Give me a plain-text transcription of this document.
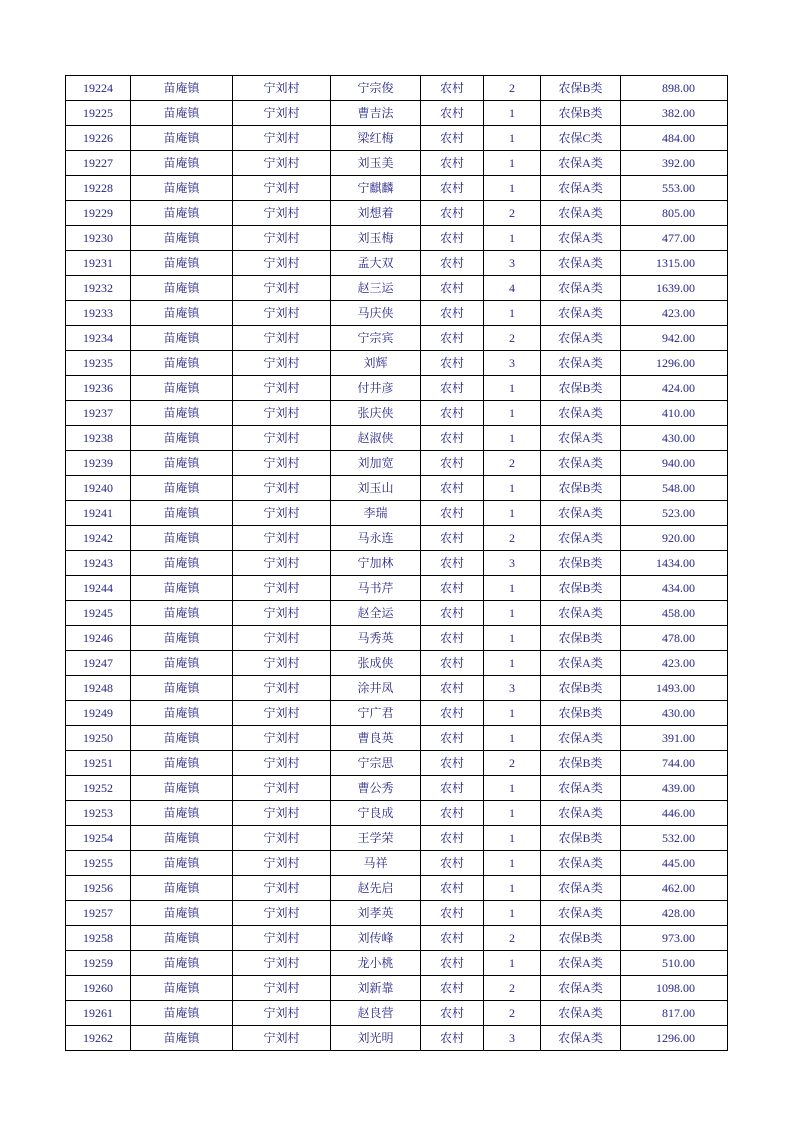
19224	苗庵镇	宁刘村	宁宗俊	农村	2	农保B类	898.00
19225	苗庵镇	宁刘村	曹吉法	农村	1	农保B类	382.00
19226	苗庵镇	宁刘村	梁红梅	农村	1	农保C类	484.00
19227	苗庵镇	宁刘村	刘玉美	农村	1	农保A类	392.00
19228	苗庵镇	宁刘村	宁麒麟	农村	1	农保A类	553.00
19229	苗庵镇	宁刘村	刘想着	农村	2	农保A类	805.00
19230	苗庵镇	宁刘村	刘玉梅	农村	1	农保A类	477.00
19231	苗庵镇	宁刘村	孟大双	农村	3	农保A类	1315.00
19232	苗庵镇	宁刘村	赵三运	农村	4	农保A类	1639.00
19233	苗庵镇	宁刘村	马庆侠	农村	1	农保A类	423.00
19234	苗庵镇	宁刘村	宁宗宾	农村	2	农保A类	942.00
19235	苗庵镇	宁刘村	刘辉	农村	3	农保A类	1296.00
19236	苗庵镇	宁刘村	付井彦	农村	1	农保B类	424.00
19237	苗庵镇	宁刘村	张庆侠	农村	1	农保A类	410.00
19238	苗庵镇	宁刘村	赵淑侠	农村	1	农保A类	430.00
19239	苗庵镇	宁刘村	刘加宽	农村	2	农保A类	940.00
19240	苗庵镇	宁刘村	刘玉山	农村	1	农保B类	548.00
19241	苗庵镇	宁刘村	李瑞	农村	1	农保A类	523.00
19242	苗庵镇	宁刘村	马永连	农村	2	农保A类	920.00
19243	苗庵镇	宁刘村	宁加林	农村	3	农保B类	1434.00
19244	苗庵镇	宁刘村	马书芹	农村	1	农保B类	434.00
19245	苗庵镇	宁刘村	赵全运	农村	1	农保A类	458.00
19246	苗庵镇	宁刘村	马秀英	农村	1	农保B类	478.00
19247	苗庵镇	宁刘村	张成侠	农村	1	农保A类	423.00
19248	苗庵镇	宁刘村	涂井凤	农村	3	农保B类	1493.00
19249	苗庵镇	宁刘村	宁广君	农村	1	农保B类	430.00
19250	苗庵镇	宁刘村	曹良英	农村	1	农保A类	391.00
19251	苗庵镇	宁刘村	宁宗思	农村	2	农保B类	744.00
19252	苗庵镇	宁刘村	曹公秀	农村	1	农保A类	439.00
19253	苗庵镇	宁刘村	宁良成	农村	1	农保A类	446.00
19254	苗庵镇	宁刘村	王学荣	农村	1	农保B类	532.00
19255	苗庵镇	宁刘村	马祥	农村	1	农保A类	445.00
19256	苗庵镇	宁刘村	赵先启	农村	1	农保A类	462.00
19257	苗庵镇	宁刘村	刘孝英	农村	1	农保A类	428.00
19258	苗庵镇	宁刘村	刘传峰	农村	2	农保B类	973.00
19259	苗庵镇	宁刘村	龙小桃	农村	1	农保A类	510.00
19260	苗庵镇	宁刘村	刘新靠	农村	2	农保A类	1098.00
19261	苗庵镇	宁刘村	赵良营	农村	2	农保A类	817.00
19262	苗庵镇	宁刘村	刘光明	农村	3	农保A类	1296.00
